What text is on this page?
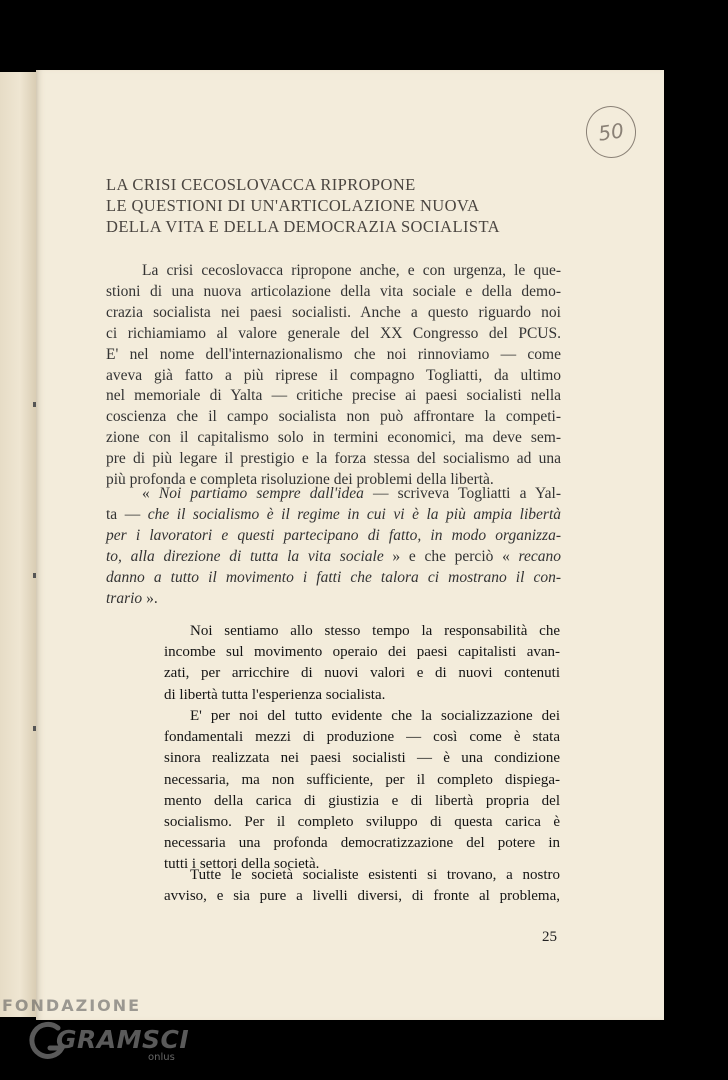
50
LA CRISI CECOSLOVACCA RIPROPONE
LE QUESTIONI DI UN'ARTICOLAZIONE NUOVA
DELLA VITA E DELLA DEMOCRAZIA SOCIALISTA
La crisi cecoslovacca ripropone anche, e con urgenza, le que-
stioni di una nuova articolazione della vita sociale e della demo-
crazia socialista nei paesi socialisti. Anche a questo riguardo noi
ci richiamiamo al valore generale del XX Congresso del PCUS.
E' nel nome dell'internazionalismo che noi rinnoviamo — come
aveva già fatto a più riprese il compagno Togliatti, da ultimo
nel memoriale di Yalta — critiche precise ai paesi socialisti nella
coscienza che il campo socialista non può affrontare la competi-
zione con il capitalismo solo in termini economici, ma deve sem-
pre di più legare il prestigio e la forza stessa del socialismo ad una
più profonda e completa risoluzione dei problemi della libertà.
« Noi partiamo sempre dall'idea — scriveva Togliatti a Yal-
ta — che il socialismo è il regime in cui vi è la più ampia libertà
per i lavoratori e questi partecipano di fatto, in modo organizza-
to, alla direzione di tutta la vita sociale » e che perciò « recano
danno a tutto il movimento i fatti che talora ci mostrano il con-
trario ».
Noi sentiamo allo stesso tempo la responsabilità che
incombe sul movimento operaio dei paesi capitalisti avan-
zati, per arricchire di nuovi valori e di nuovi contenuti
di libertà tutta l'esperienza socialista.
E' per noi del tutto evidente che la socializzazione dei
fondamentali mezzi di produzione — così come è stata
sinora realizzata nei paesi socialisti — è una condizione
necessaria, ma non sufficiente, per il completo dispiega-
mento della carica di giustizia e di libertà propria del
socialismo. Per il completo sviluppo di questa carica è
necessaria una profonda democratizzazione del potere in
tutti i settori della società.
Tutte le società socialiste esistenti si trovano, a nostro
avviso, e sia pure a livelli diversi, di fronte al problema,
25
FONDAZIONE
GRAMSCI
onlus
